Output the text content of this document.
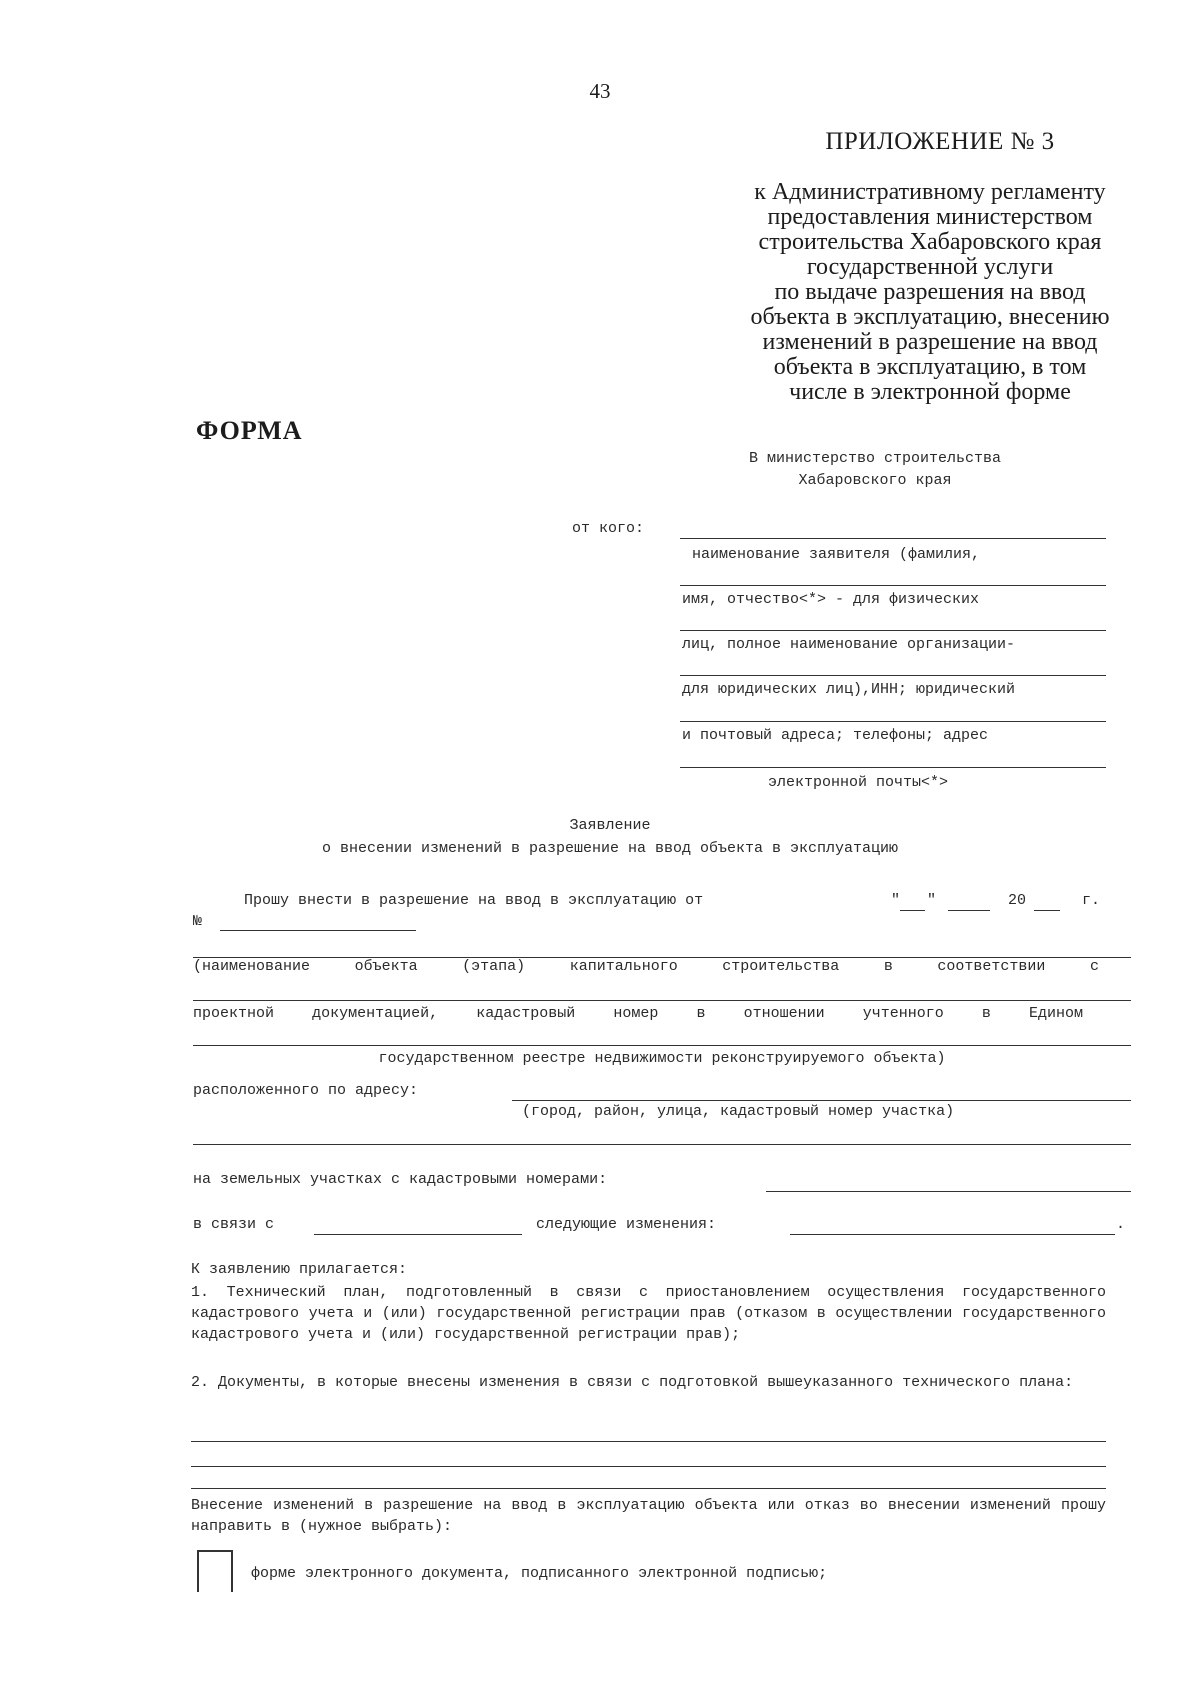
43
ПРИЛОЖЕНИЕ № 3
к Административному регламенту
предоставления министерством
строительства Хабаровского края
государственной услуги
по выдаче разрешения на ввод
объекта в эксплуатацию, внесению
изменений в разрешение на ввод
объекта в эксплуатацию, в том
числе в электронной форме
ФОРМА
В министерство строительства
Хабаровского края
от кого:
наименование заявителя (фамилия,
имя, отчество<*> - для физических
лиц, полное наименование организации-
для юридических лиц),ИНН; юридический
и почтовый адреса; телефоны; адрес
электронной почты<*>
Заявление
о внесении изменений в разрешение на ввод объекта в эксплуатацию
Прошу внести в разрешение на ввод в эксплуатацию от	" "	20	г.
№
(наименование объекта (этапа) капитального строительства в соответствии с
проектной документацией, кадастровый номер в отношении учтенного в Едином
государственном реестре недвижимости реконструируемого объекта)
расположенного по адресу:
(город, район, улица, кадастровый номер участка)
на земельных участках с кадастровыми номерами:
в связи с	следующие изменения:	.
К заявлению прилагается:
1. Технический план, подготовленный в связи с приостановлением осуществления государственного кадастрового учета и (или) государственной регистрации прав (отказом в осуществлении государственного кадастрового учета и (или) государственной регистрации прав);
2. Документы, в которые внесены изменения в связи с подготовкой вышеуказанного технического плана:
Внесение изменений в разрешение на ввод в эксплуатацию объекта или отказ во внесении изменений прошу направить в (нужное выбрать):
форме электронного документа, подписанного электронной подписью;
